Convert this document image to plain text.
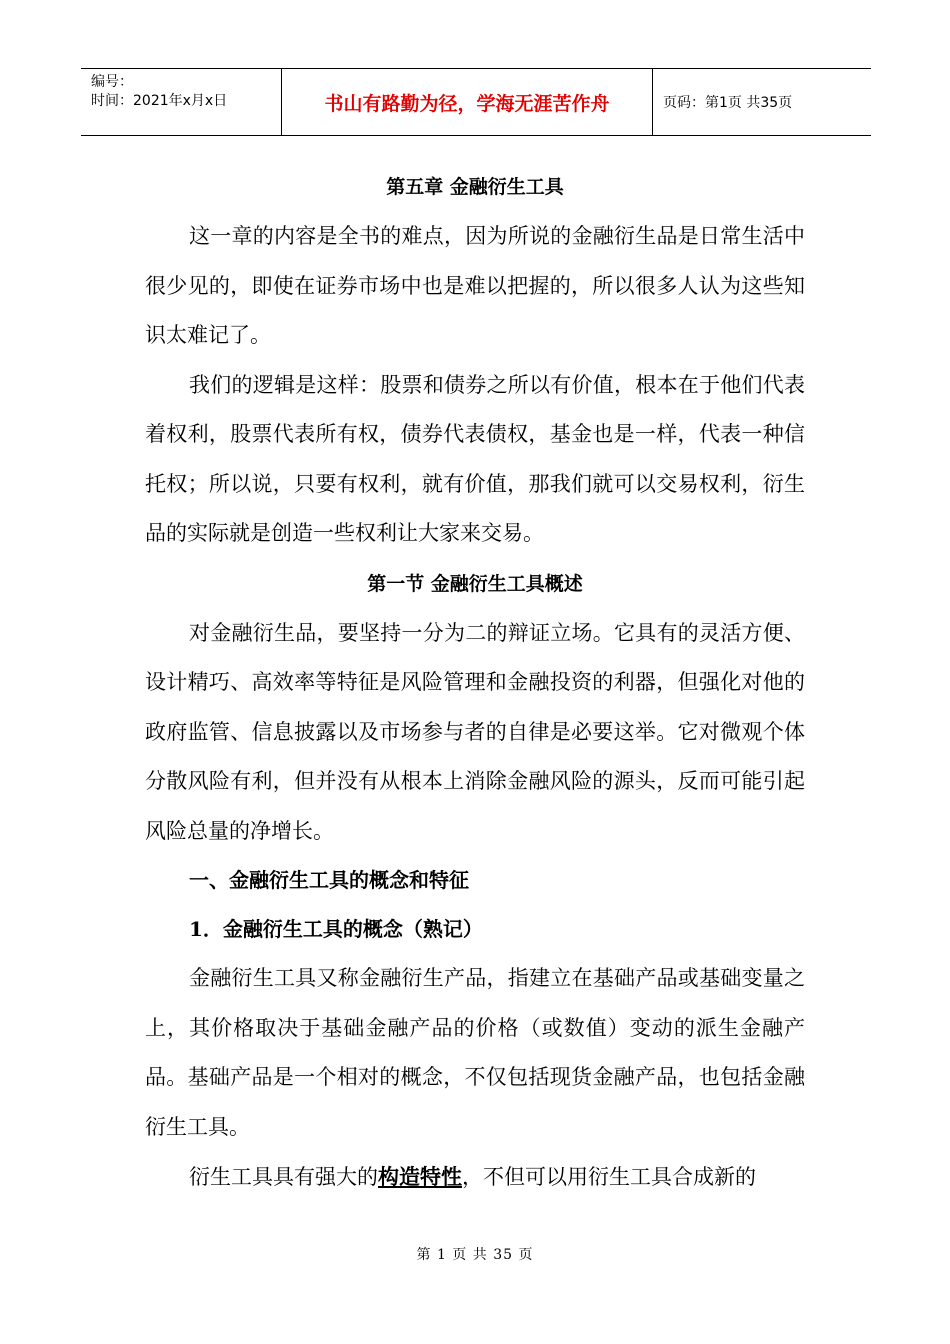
编号：
时间：2021年x月x日	书山有路勤为径，学海无涯苦作舟	页码：第1页 共35页
第五章 金融衍生工具

这一章的内容是全书的难点，因为所说的金融衍生品是日常生活中很少见的，即使在证券市场中也是难以把握的，所以很多人认为这些知识太难记了。

我们的逻辑是这样：股票和债券之所以有价值，根本在于他们代表着权利，股票代表所有权，债券代表债权，基金也是一样，代表一种信托权；所以说，只要有权利，就有价值，那我们就可以交易权利，衍生品的实际就是创造一些权利让大家来交易。

第一节 金融衍生工具概述

对金融衍生品，要坚持一分为二的辩证立场。它具有的灵活方便、设计精巧、高效率等特征是风险管理和金融投资的利器，但强化对他的政府监管、信息披露以及市场参与者的自律是必要这举。它对微观个体分散风险有利，但并没有从根本上消除金融风险的源头，反而可能引起风险总量的净增长。

一、金融衍生工具的概念和特征
1．金融衍生工具的概念（熟记）

金融衍生工具又称金融衍生产品，指建立在基础产品或基础变量之上，其价格取决于基础金融产品的价格（或数值）变动的派生金融产品。基础产品是一个相对的概念，不仅包括现货金融产品，也包括金融衍生工具。

衍生工具具有强大的构造特性，不但可以用衍生工具合成新的

第 1 页 共 35 页
